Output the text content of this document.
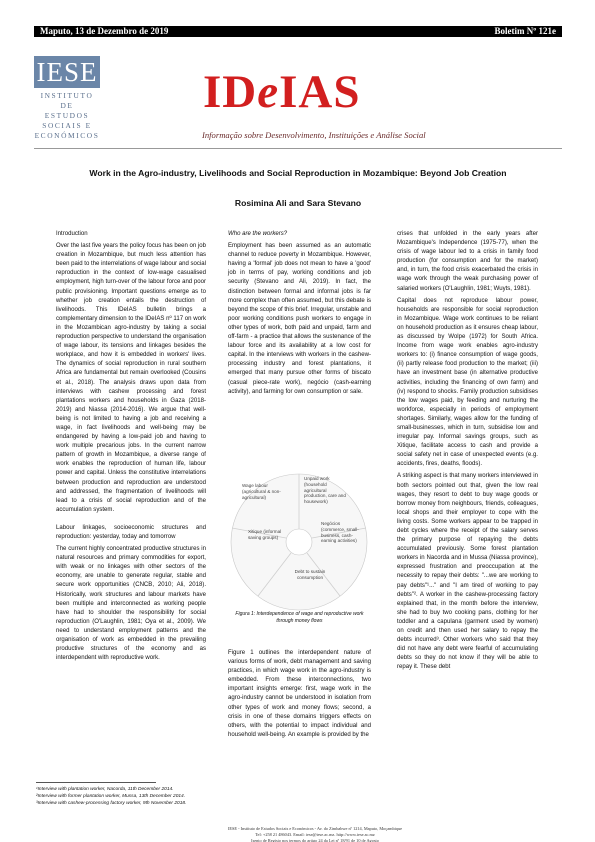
Maputo, 13 de Dezembro de 2019	Boletim Nº 121e
IESE
INSTITUTO DE
ESTUDOS
SOCIAIS E
ECONÓMICOS
IDeIAS
Informação sobre Desenvolvimento, Instituições e Análise Social
Work in the Agro-industry, Livelihoods and Social Reproduction in Mozambique: Beyond Job Creation
Rosimina Ali and Sara Stevano

Introduction

Over the last five years the policy focus has been on job creation in Mozambique, but much less attention has been paid to the interrelations of wage labour and social reproduction in the context of low-wage casualised employment, high turn-over of the labour force and poor public provisioning. Important questions emerge as to whether job creation entails the destruction of livelihoods. This IDeIAS bulletin brings a complementary dimension to the IDeIAS nº 117 on work in the Mozambican agro-industry by taking a social reproduction perspective to understand the organisation of wage labour, its tensions and linkages besides the workplace, and how it is embedded in workers' lives. The dynamics of social reproduction in rural southern Africa are fundamental but remain overlooked (Cousins et al., 2018). The analysis draws upon data from interviews with cashew processing and forest plantations workers and households in Gaza (2018-2019) and Niassa (2014-2016). We argue that well-being is not limited to having a job and receiving a wage, in fact livelihoods and well-being may be endangered by having a low-paid job and having to work multiple precarious jobs. In the current narrow pattern of growth in Mozambique, a diverse range of work enables the reproduction of human life, labour power and capital. Unless the constitutive interrelations between production and reproduction are understood and addressed, the fragmentation of livelihoods will lead to a crisis of social reproduction and of the accumulation system.

Labour linkages, socioeconomic structures and reproduction: yesterday, today and tomorrow

The current highly concentrated productive structures in natural resources and primary commodities for export, with weak or no linkages with other sectors of the economy, are unable to generate regular, stable and secure work opportunities (CNCB, 2010; Ali, 2018). Historically, work structures and labour markets have been multiple and interconnected as working people have had to shoulder the responsibility for social reproduction (O'Laughlin, 1981; Oya et al., 2009). We need to understand employment patterns and the organisation of work as embedded in the prevailing productive structures of the economy and as interdependent with reproductive work.

Who are the workers?

Employment has been assumed as an automatic channel to reduce poverty in Mozambique. However, having a 'formal' job does not mean to have a 'good' job in terms of pay, working conditions and job security (Stevano and Ali, 2019). In fact, the distinction between formal and informal jobs is far more complex than often assumed, but this debate is beyond the scope of this brief. Irregular, unstable and poor working conditions push workers to engage in other types of work, both paid and unpaid, farm and off-farm - a practice that allows the sustenance of the labour force and its availability at a low cost for capital. In the interviews with workers in the cashew-processing industry and forest plantations, it emerged that many pursue other forms of biscato (casual piece-rate work), negócio (cash-earning activity), and farming for own consumption or sale.

Wage labour (agricultural & non-agricultural)
Unpaid work (household agricultural production, care and housework)
Negócios (commerce, small-business, cash-earning activities)
Debt to sustain consumption
Xitique (informal saving groups)
Figura 1: Interdependence of wage and reproductive work through money flows

Figure 1 outlines the interdependent nature of various forms of work, debt management and saving practices, in which wage work in the agro-industry is embedded. From these interconnections, two important insights emerge: first, wage work in the agro-industry cannot be understood in isolation from other types of work and money flows; second, a crisis in one of these domains triggers effects on others, with the potential to impact individual and household well-being. An example is provided by the

crises that unfolded in the early years after Mozambique's Independence (1975-77), when the crisis of wage labour led to a crisis in family food production (for consumption and for the market) and, in turn, the food crisis exacerbated the crisis in wage work through the weak purchasing power of salaried workers (O'Laughlin, 1981; Wuyts, 1981).

Capital does not reproduce labour power, households are responsible for social reproduction in Mozambique. Wage work continues to be reliant on household production as it ensures cheap labour, as discussed by Wolpe (1972) for South Africa. Income from wage work enables agro-industry workers to: (i) finance consumption of wage goods, (ii) partly release food production to the market; (iii) have an investment base (in alternative productive activities, including the financing of own farm) and (iv) respond to shocks. Family production subsidises the low wages paid, by feeding and nurturing the workforce, especially in periods of employment shortages. Similarly, wages allow for the funding of small-businesses, which in turn, subsidise low and irregular pay. Informal savings groups, such as Xitique, facilitate access to cash and provide a social safety net in case of unexpected events (e.g. accidents, fires, deaths, floods).

A striking aspect is that many workers interviewed in both sectors pointed out that, given the low real wages, they resort to debt to buy wage goods or borrow money from neighbours, friends, colleagues, local shops and their employer to cope with the living costs. Some workers appear to be trapped in debt cycles where the receipt of the salary serves the primary purpose of repaying the debts accumulated previously. Some forest plantation workers in Nacorda and in Mussa (Niassa province), expressed frustration and preoccupation at the necessity to repay their debts: "...we are working to pay debts"¹..." and "I am tired of working to pay debts"². A worker in the cashew-processing factory explained that, in the month before the interview, she had to buy two cooking pans, clothing for her toddler and a capulana (garment used by women) on credit and then used her salary to repay the debts incurred³. Other workers who said that they did not have any debt were fearful of accumulating debts so they do not know if they will be able to repay it. These debt

¹Interview with plantation worker, Nacorda, 11th December 2014.
²Interview with former plantation worker, Mussa, 13th December 2014.
³Interview with cashew-processing factory worker, 9th November 2018.
IESE - Instituto de Estudos Sociais e Económicos - Av. do Zimbabwe nº 1214, Maputo, Moçambique
Tel: +258 21 486043. Email: iese@iese.ac.mz. http://www.iese.ac.mz
Isento de Registo nos termos do artigo 24 da Lei nº 18/91 de 10 de Agosto
